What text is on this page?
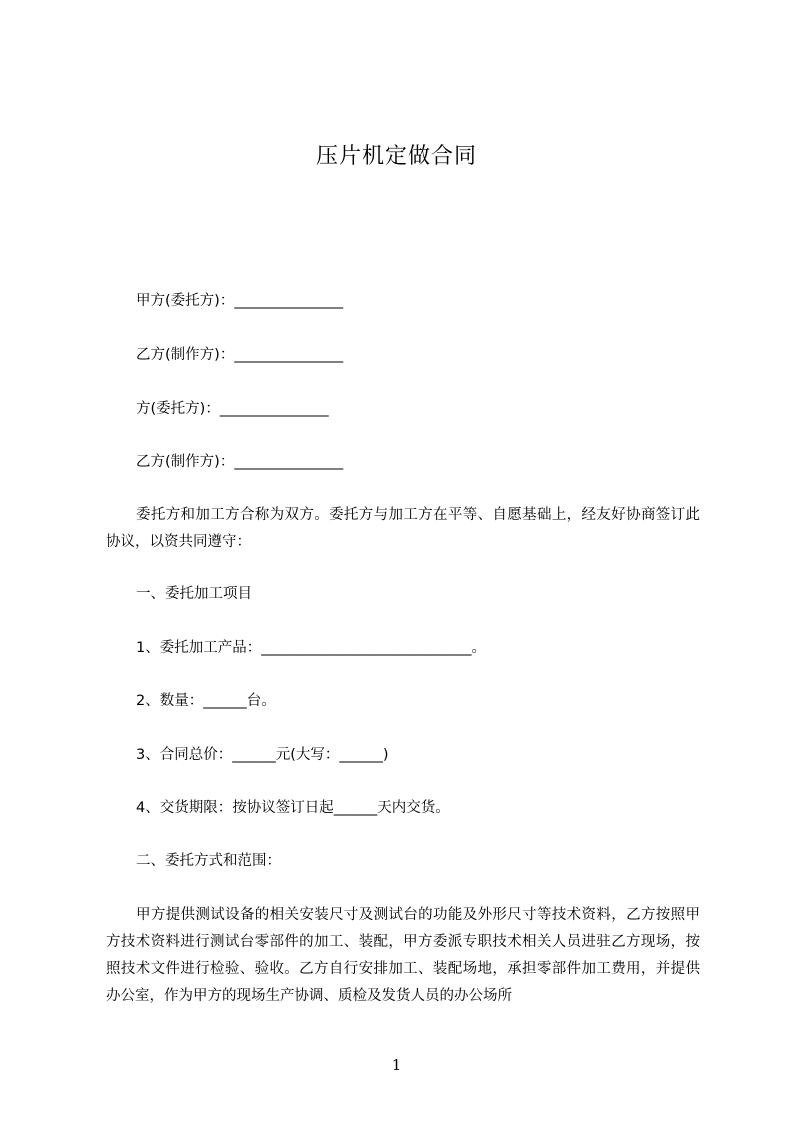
压片机定做合同
甲方(委托方)：_______________
乙方(制作方)：_______________
方(委托方)：_______________
乙方(制作方)：_______________
委托方和加工方合称为双方。委托方与加工方在平等、自愿基础上，经友好协商签订此协议，以资共同遵守：
一、委托加工项目
1、委托加工产品：_____________________________。
2、数量：______台。
3、合同总价：______元(大写：______)
4、交货期限：按协议签订日起______天内交货。
二、委托方式和范围：
甲方提供测试设备的相关安装尺寸及测试台的功能及外形尺寸等技术资料，乙方按照甲方技术资料进行测试台零部件的加工、装配，甲方委派专职技术相关人员进驻乙方现场，按照技术文件进行检验、验收。乙方自行安排加工、装配场地，承担零部件加工费用，并提供办公室，作为甲方的现场生产协调、质检及发货人员的办公场所
1
